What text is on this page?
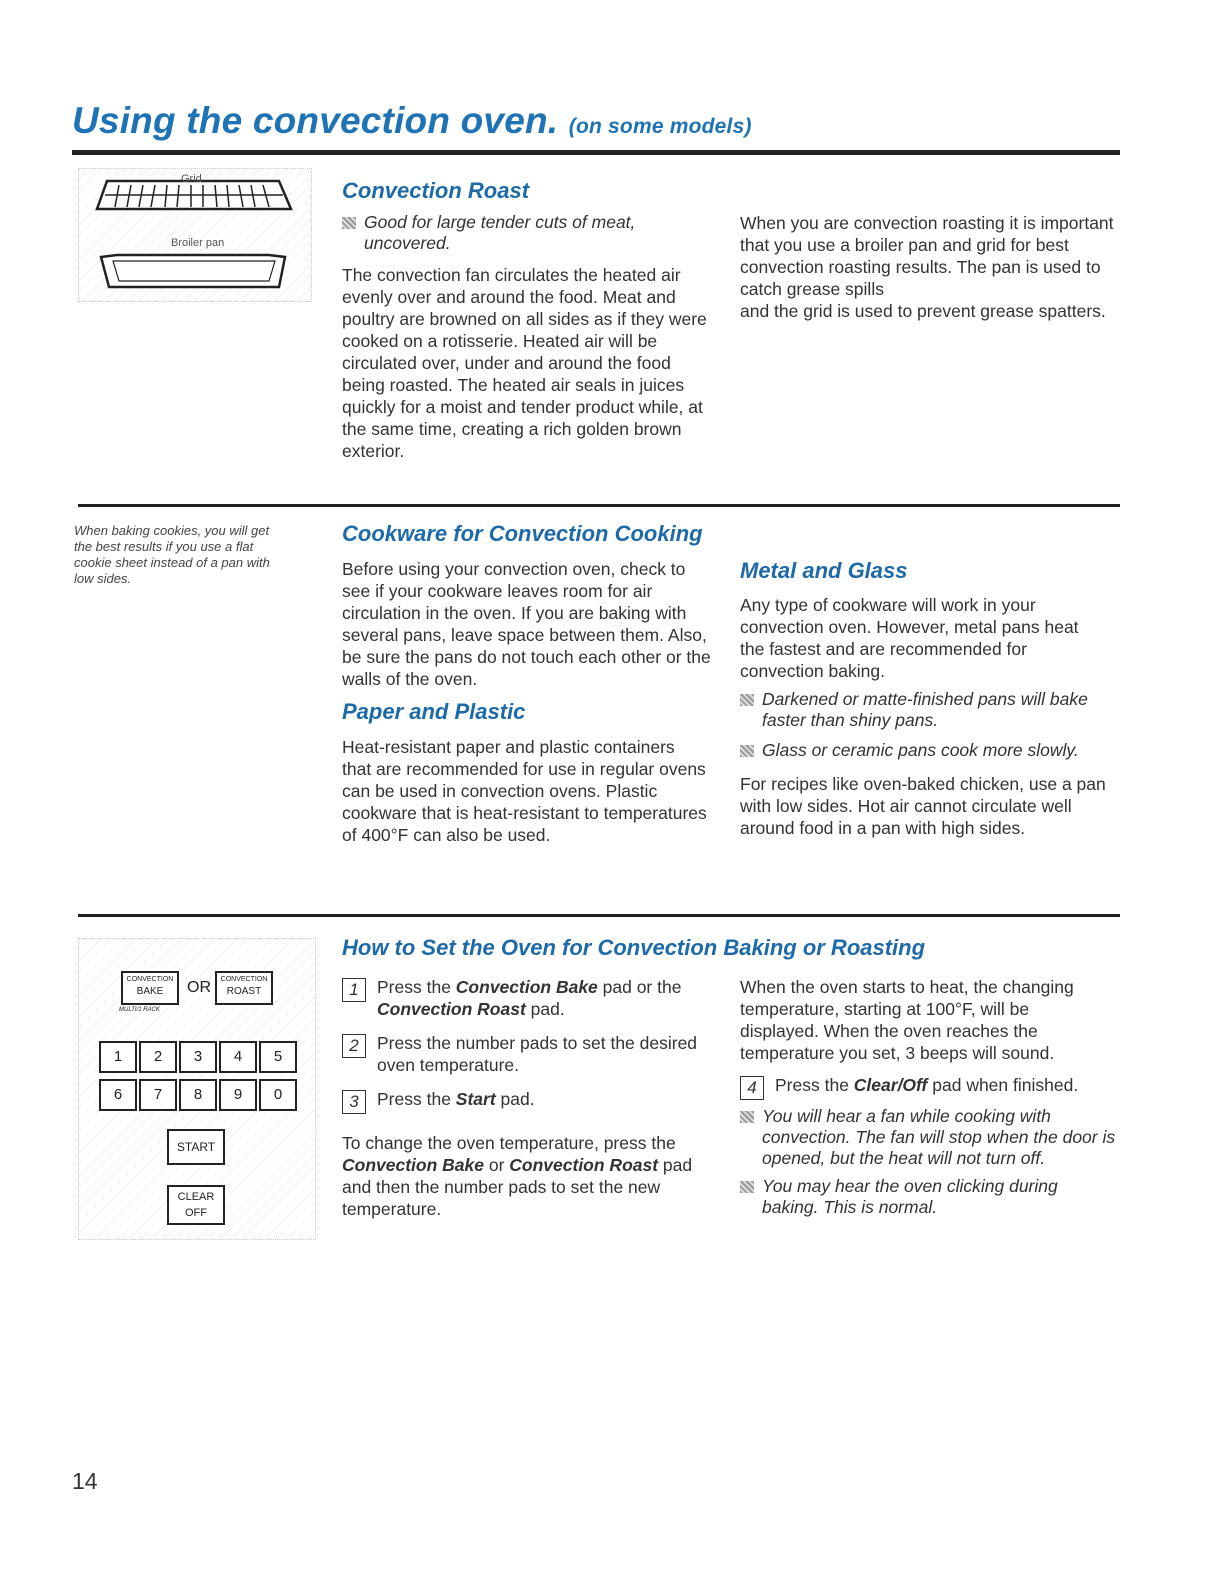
Using the convection oven. (on some models)
Grid
Broiler pan
Convection Roast
Good for large tender cuts of meat, uncovered.

The convection fan circulates the heated air evenly over and around the food. Meat and poultry are browned on all sides as if they were cooked on a rotisserie. Heated air will be circulated over, under and around the food being roasted. The heated air seals in juices quickly for a moist and tender product while, at the same time, creating a rich golden brown exterior.

When you are convection roasting it is important that you use a broiler pan and grid for best convection roasting results. The pan is used to catch grease spills

and the grid is used to prevent grease spatters.

When baking cookies, you will get the best results if you use a flat cookie sheet instead of a pan with low sides.
Cookware for Convection Cooking

Before using your convection oven, check to see if your cookware leaves room for air circulation in the oven. If you are baking with several pans, leave space between them. Also, be sure the pans do not touch each other or the walls of the oven.

Paper and Plastic

Heat-resistant paper and plastic containers that are recommended for use in regular ovens can be used in convection ovens. Plastic cookware that is heat-resistant to temperatures of 400°F can also be used.

Metal and Glass

Any type of cookware will work in your convection oven. However, metal pans heat the fastest and are recommended for convection baking.

Darkened or matte-finished pans will bake faster than shiny pans.
Glass or ceramic pans cook more slowly.

For recipes like oven-baked chicken, use a pan with low sides. Hot air cannot circulate well around food in a pan with high sides.

CONVECTION
BAKE	OR	CONVECTION
ROAST
MULTI/1 RACK
1	2	3	4	5
6	7	8	9	0
START
CLEAR
OFF
How to Set the Oven for Convection Baking or Roasting
1	Press the Convection Bake pad or the Convection Roast pad.
2	Press the number pads to set the desired oven temperature.
3	Press the Start pad.

To change the oven temperature, press the Convection Bake or Convection Roast pad and then the number pads to set the new temperature.

When the oven starts to heat, the changing temperature, starting at 100°F, will be displayed. When the oven reaches the temperature you set, 3 beeps will sound.

4	Press the Clear/Off pad when finished.
You will hear a fan while cooking with convection. The fan will stop when the door is opened, but the heat will not turn off.
You may hear the oven clicking during baking. This is normal.
14
